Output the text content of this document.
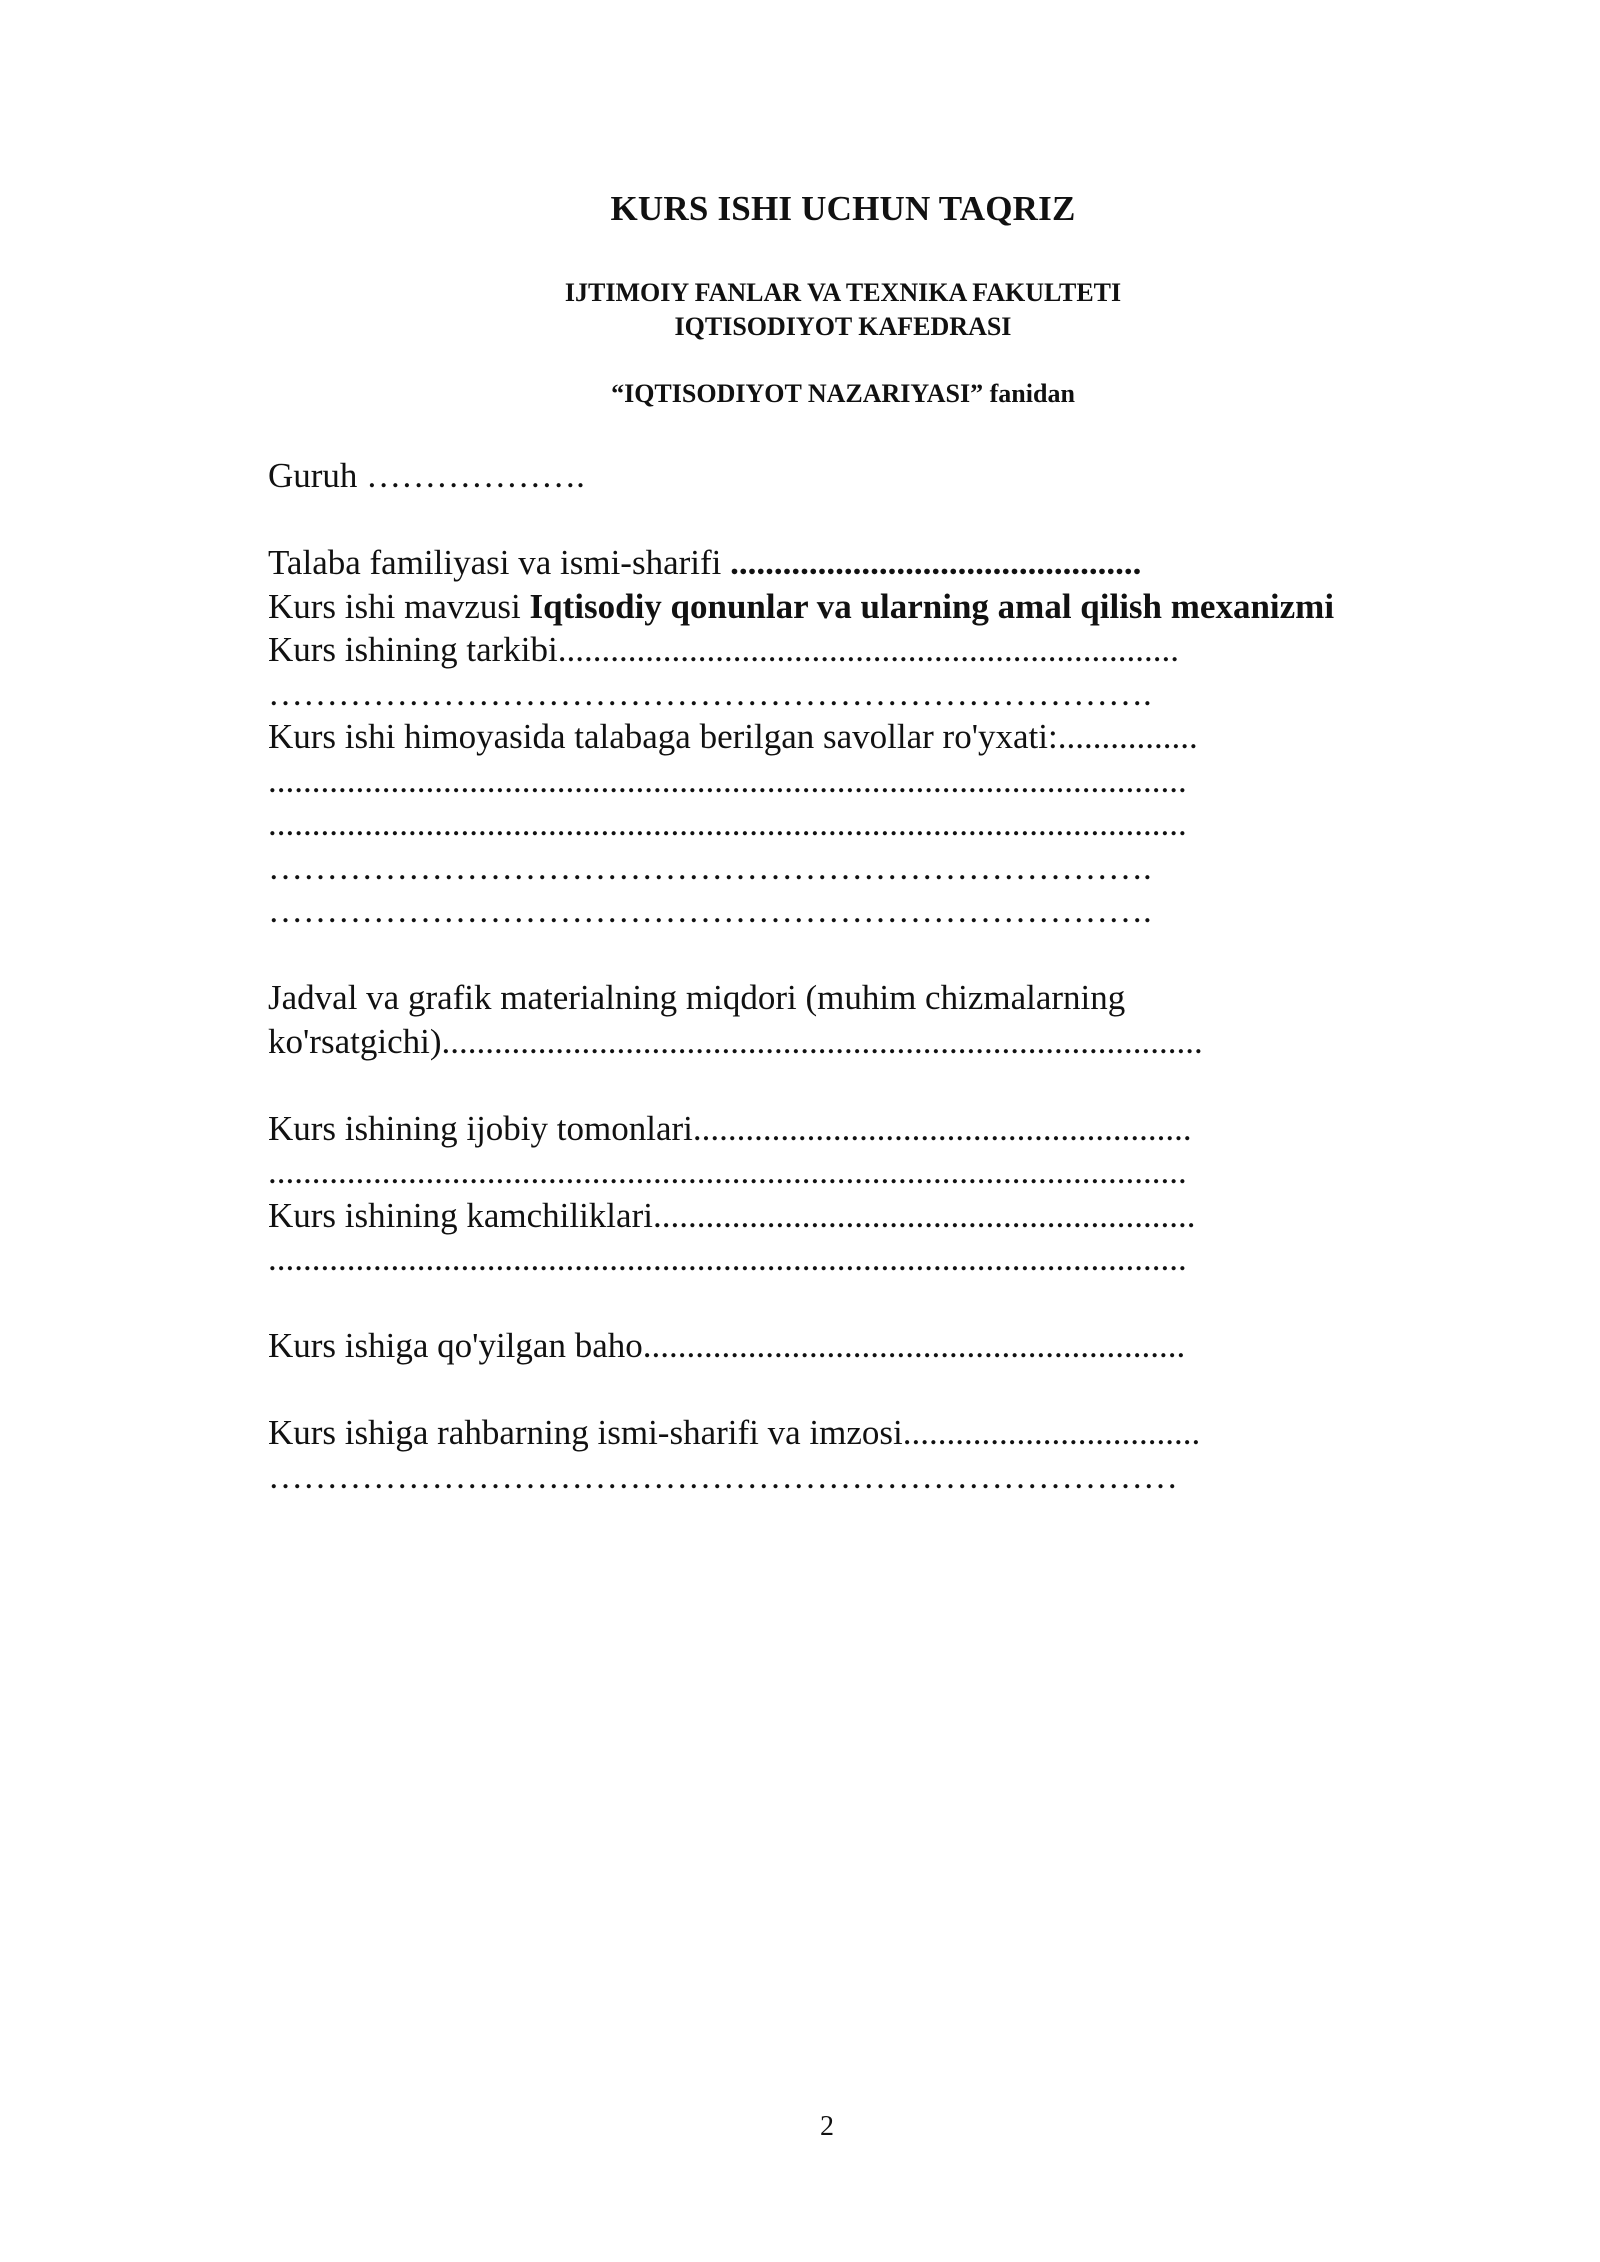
KURS ISHI UCHUN TAQRIZ
IJTIMOIY FANLAR VA TEXNIKA FAKULTETI
IQTISODIYOT KAFEDRASI
“IQTISODIYOT NAZARIYASI” fanidan
Guruh ……………….
Talaba familiyasi va ismi-sharifi ...............................................
Kurs ishi mavzusi Iqtisodiy qonunlar va ularning amal qilish mexanizmi
Kurs ishining tarkibi.......................................................................
………………………………………………………………….
Kurs ishi himoyasida talabaga berilgan savollar ro'yxati:................
.........................................................................................................
.........................................................................................................
………………………………………………………………….
………………………………………………………………….
Jadval va grafik materialning miqdori (muhim chizmalarning
ko'rsatgichi).......................................................................................
Kurs ishining ijobiy tomonlari.........................................................
.........................................................................................................
Kurs ishining kamchiliklari..............................................................
.........................................................................................................
Kurs ishiga qo'yilgan baho..............................................................
Kurs ishiga rahbarning ismi-sharifi va imzosi..................................
……………………………………………………………………
2
